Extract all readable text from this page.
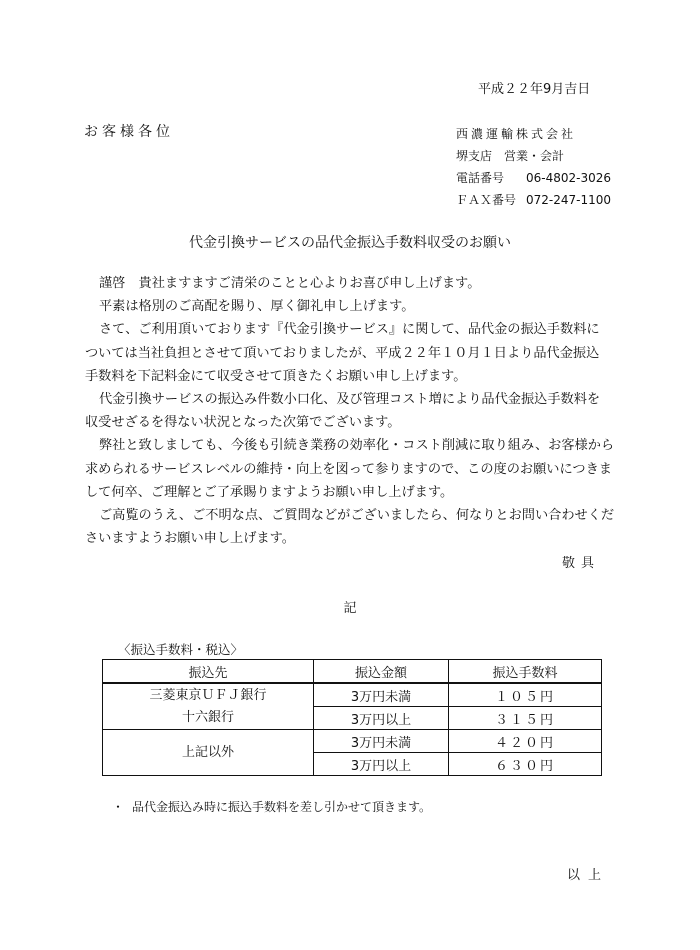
平成２２年9月吉日
お客様各位	西濃運輸株式会社
堺支店　営業・会計
電話番号	06-4802-3026
ＦＡＸ番号 072-247-1100
代金引換サービスの品代金振込手数料収受のお願い

謹啓　貴社ますますご清栄のことと心よりお喜び申し上げます。

平素は格別のご高配を賜り、厚く御礼申し上げます。

さて、ご利用頂いております『代金引換サービス』に関して、品代金の振込手数料に

ついては当社負担とさせて頂いておりましたが、平成２２年１０月１日より品代金振込

手数料を下記料金にて収受させて頂きたくお願い申し上げます。

代金引換サービスの振込み件数小口化、及び管理コスト増により品代金振込手数料を

収受せざるを得ない状況となった次第でございます。

弊社と致しましても、今後も引続き業務の効率化・コスト削減に取り組み、お客様から

求められるサービスレベルの維持・向上を図って参りますので、この度のお願いにつきま

して何卒、ご理解とご了承賜りますようお願い申し上げます。

ご高覧のうえ、ご不明な点、ご質問などがございましたら、何なりとお問い合わせくだ

さいますようお願い申し上げます。

敬具
記
〈振込手数料・税込〉
振込先	振込金額	振込手数料

三菱東京ＵＦＪ銀行
十六銀行	3万円未満	１０５円
	3万円以上	３１５円
上記以外	3万円未満	４２０円
	3万円以上	６３０円
・ 品代金振込み時に振込手数料を差し引かせて頂きます。
以上
